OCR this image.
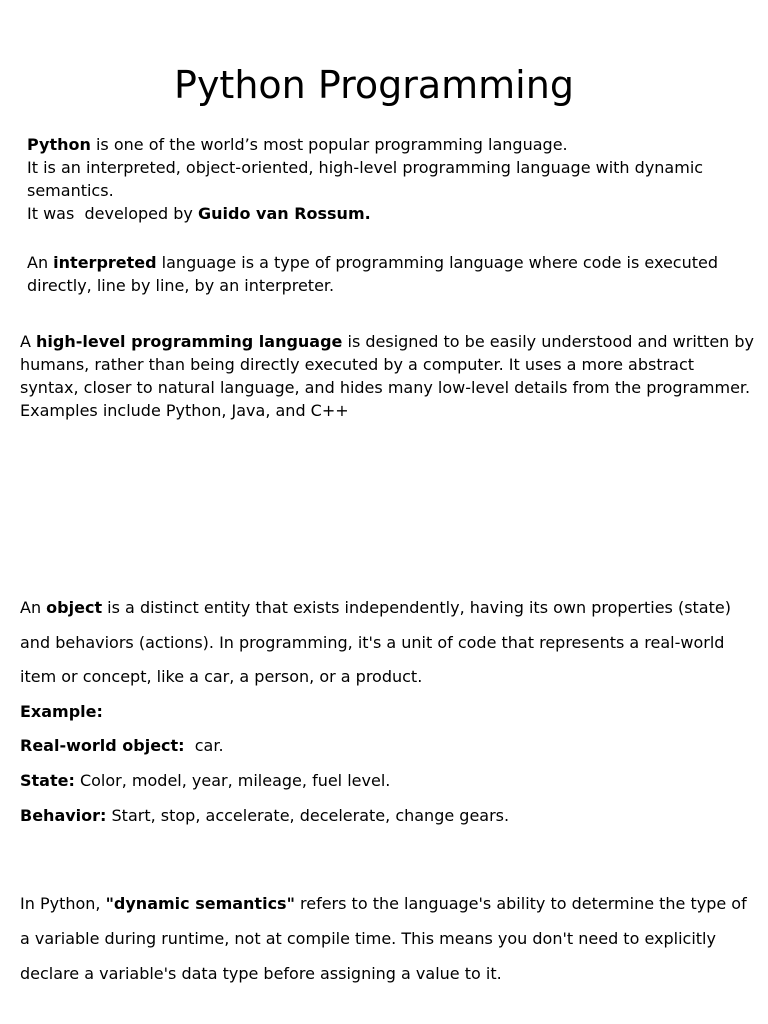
Python Programming
Python is one of the world’s most popular programming language.
It is an interpreted, object-oriented, high-level programming language with dynamic semantics.
It was  developed by Guido van Rossum.

An interpreted language is a type of programming language where code is executed directly, line by line, by an interpreter.

A high-level programming language is designed to be easily understood and written by humans, rather than being directly executed by a computer. It uses a more abstract syntax, closer to natural language, and hides many low-level details from the programmer. Examples include Python, Java, and C++

An object is a distinct entity that exists independently, having its own properties (state) and behaviors (actions). In programming, it's a unit of code that represents a real-world item or concept, like a car, a person, or a product.
Example:
Real-world object:  car.
State: Color, model, year, mileage, fuel level.
Behavior: Start, stop, accelerate, decelerate, change gears.

In Python, "dynamic semantics" refers to the language's ability to determine the type of a variable during runtime, not at compile time. This means you don't need to explicitly declare a variable's data type before assigning a value to it.
